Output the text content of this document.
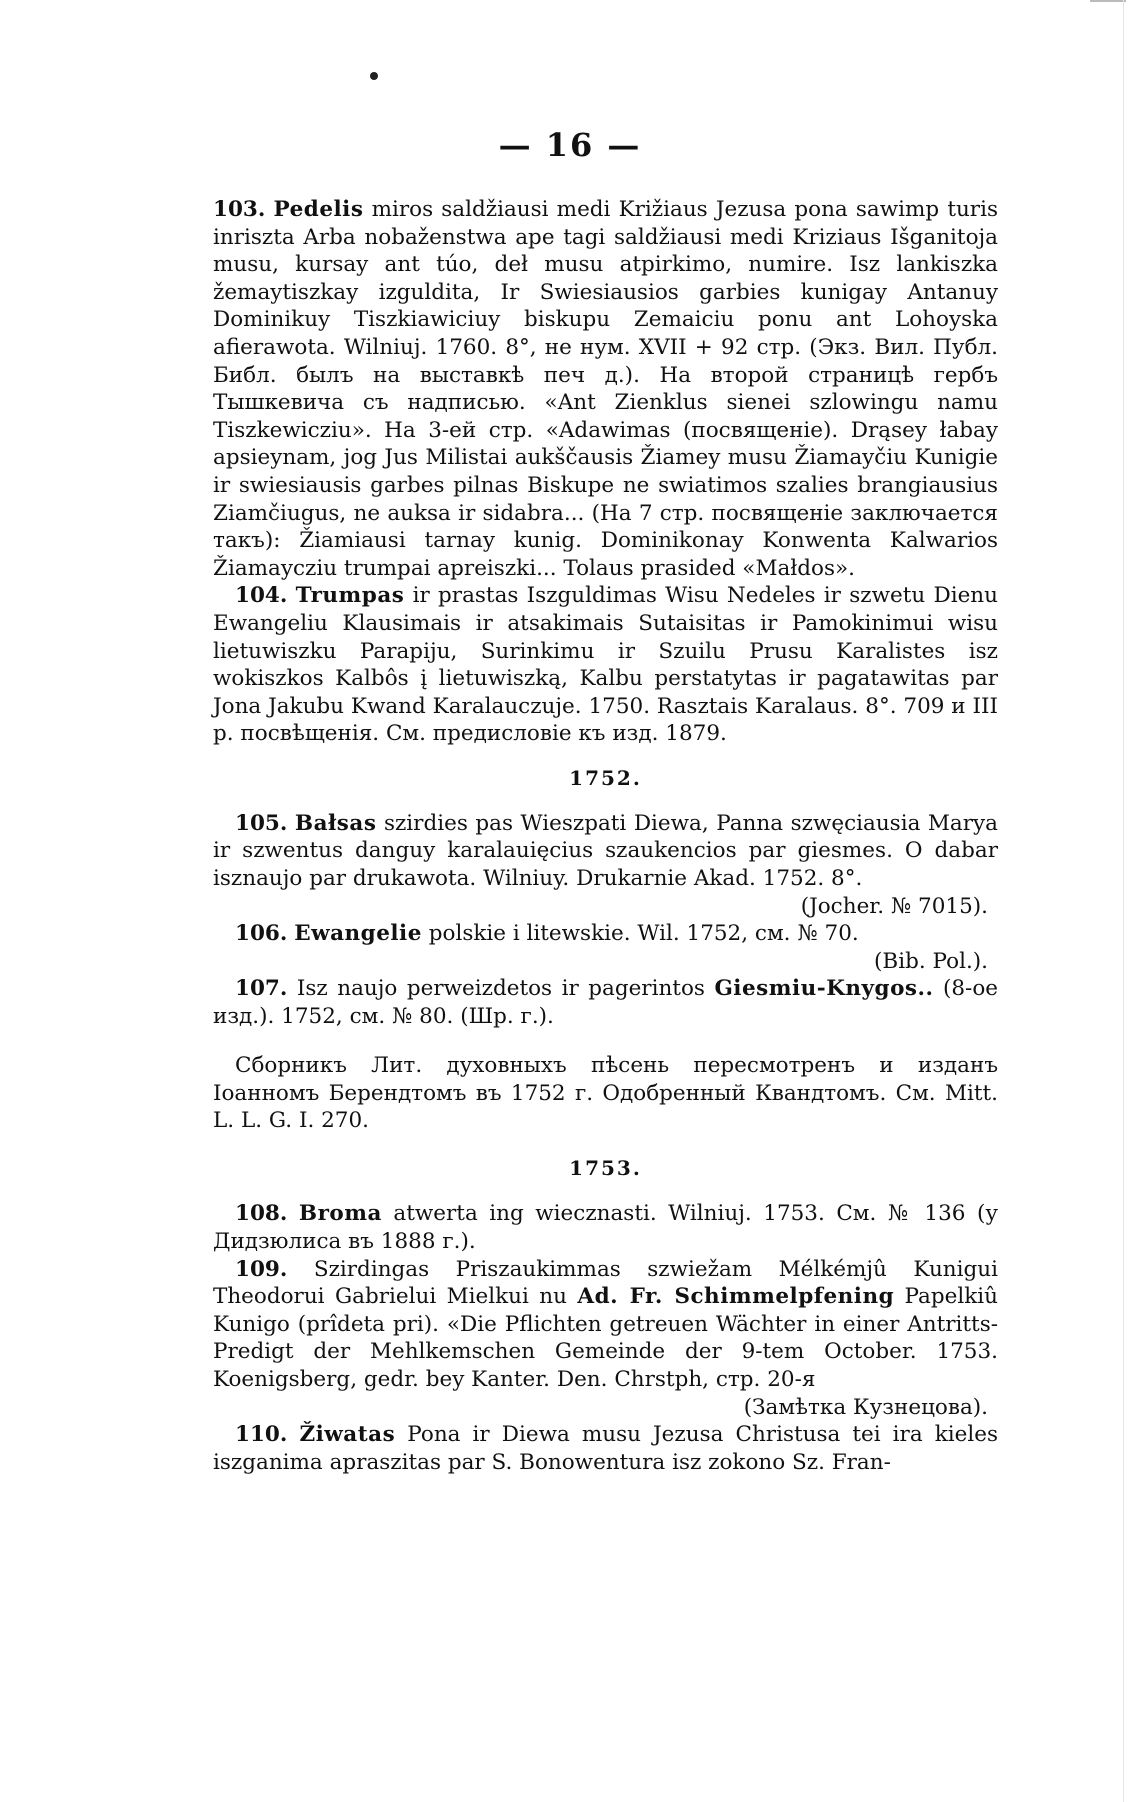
— 16 —

103. Pedelis miros saldžiausi medi Križiaus Jezusa pona sawimp turis inriszta Arba nobaženstwa ape tagi saldžiausi medi Kriziaus Išganitoja musu, kursay ant túo, deł musu atpirkimo, numire. Isz lankiszka žemaytiszkay izguldita, Ir Swiesiausios garbies kunigay Antanuy Dominikuy Tiszkiawiciuy biskupu Zemaiciu ponu ant Lohoyska afierawota. Wilniuj. 1760. 8°, не нум. XVII + 92 стр. (Экз. Вил. Публ. Библ. былъ на выставкѣ печ д.). На второй страницѣ гербъ Тышкевича съ надписью. «Ant Zienklus sienei szlowingu namu Tiszkewicziu». На 3-ей стр. «Adawimas (посвященіе). Drąsey łabay apsieynam, jog Jus Milistai aukščausis Žiamey musu Žiamayčiu Kunigie ir swiesiausis garbes pilnas Biskupe ne swiatimos szalies brangiausius Ziamčiugus, ne auksa ir sidabra... (На 7 стр. посвященіе заключается такъ): Žiamiausi tarnay kunig. Dominikonay Konwenta Kalwarios Žiamayczіu trumpai apreiszki... Tolaus prasided «Małdos».

104. Trumpas ir prastas Iszguldimas Wisu Nedeles ir szwetu Dienu Ewangeliu Klausimais ir atsakimais Sutaisitas ir Pamokinimui wisu lietuwiszku Parapiju, Surinkimu ir Szuilu Prusu Karalistes isz wokiszkos Kalbôs į lietuwiszką, Kalbu perstatytas ir pagatawitas par Jona Jakubu Kwand Karalauczuje. 1750. Rasztais Karalaus. 8°. 709 и III р. посвѣщенія. См. предисловіе къ изд. 1879.

1752.

105. Bałsas szirdies pas Wieszpati Diewa, Panna szwęciausia Marya ir szwentus danguy karalauięcius szaukencios par giesmes. O dabar isznaujo par drukawota. Wilniuy. Drukarnie Akad. 1752. 8°.

(Jocher. № 7015).

106. Ewangelie polskie i litewskie. Wil. 1752, см. № 70.

(Bib. Pol.).

107. Isz naujo perweizdetos ir pagerintos Giesmiu-Knygos.. (8-ое изд.). 1752, см. № 80. (Шр. г.).

Сборникъ Лит. духовныхъ пѣсень пересмотренъ и изданъ Іоанномъ Берендтомъ въ 1752 г. Одобренный Квандтомъ. См. Mitt. L. L. G. I. 270.

1753.

108. Broma atwerta ing wiecznasti. Wilniuj. 1753. См. № 136 (у Дидзюлиса въ 1888 г.).

109. Szirdingas Priszaukimmas szwiežam Mélkémjû Kunigui Theodorui Gabrielui Mielkui nu Ad. Fr. Schimmelpfening Papelkiû Kunigo (prîdeta pri). «Die Pflichten getreuen Wächter in einer Antritts-Predigt der Mehlkemschen Gemeinde der 9-tem October. 1753. Koenigsberg, gedr. bey Kanter. Den. Chrstph, стр. 20-я

(Замѣтка Кузнецова).

110. Žiwatas Pona ir Diewa musu Jezusa Christusa tei ira kieles iszganima apraszitas par S. Bonowentura isz zokono Sz. Fran-
